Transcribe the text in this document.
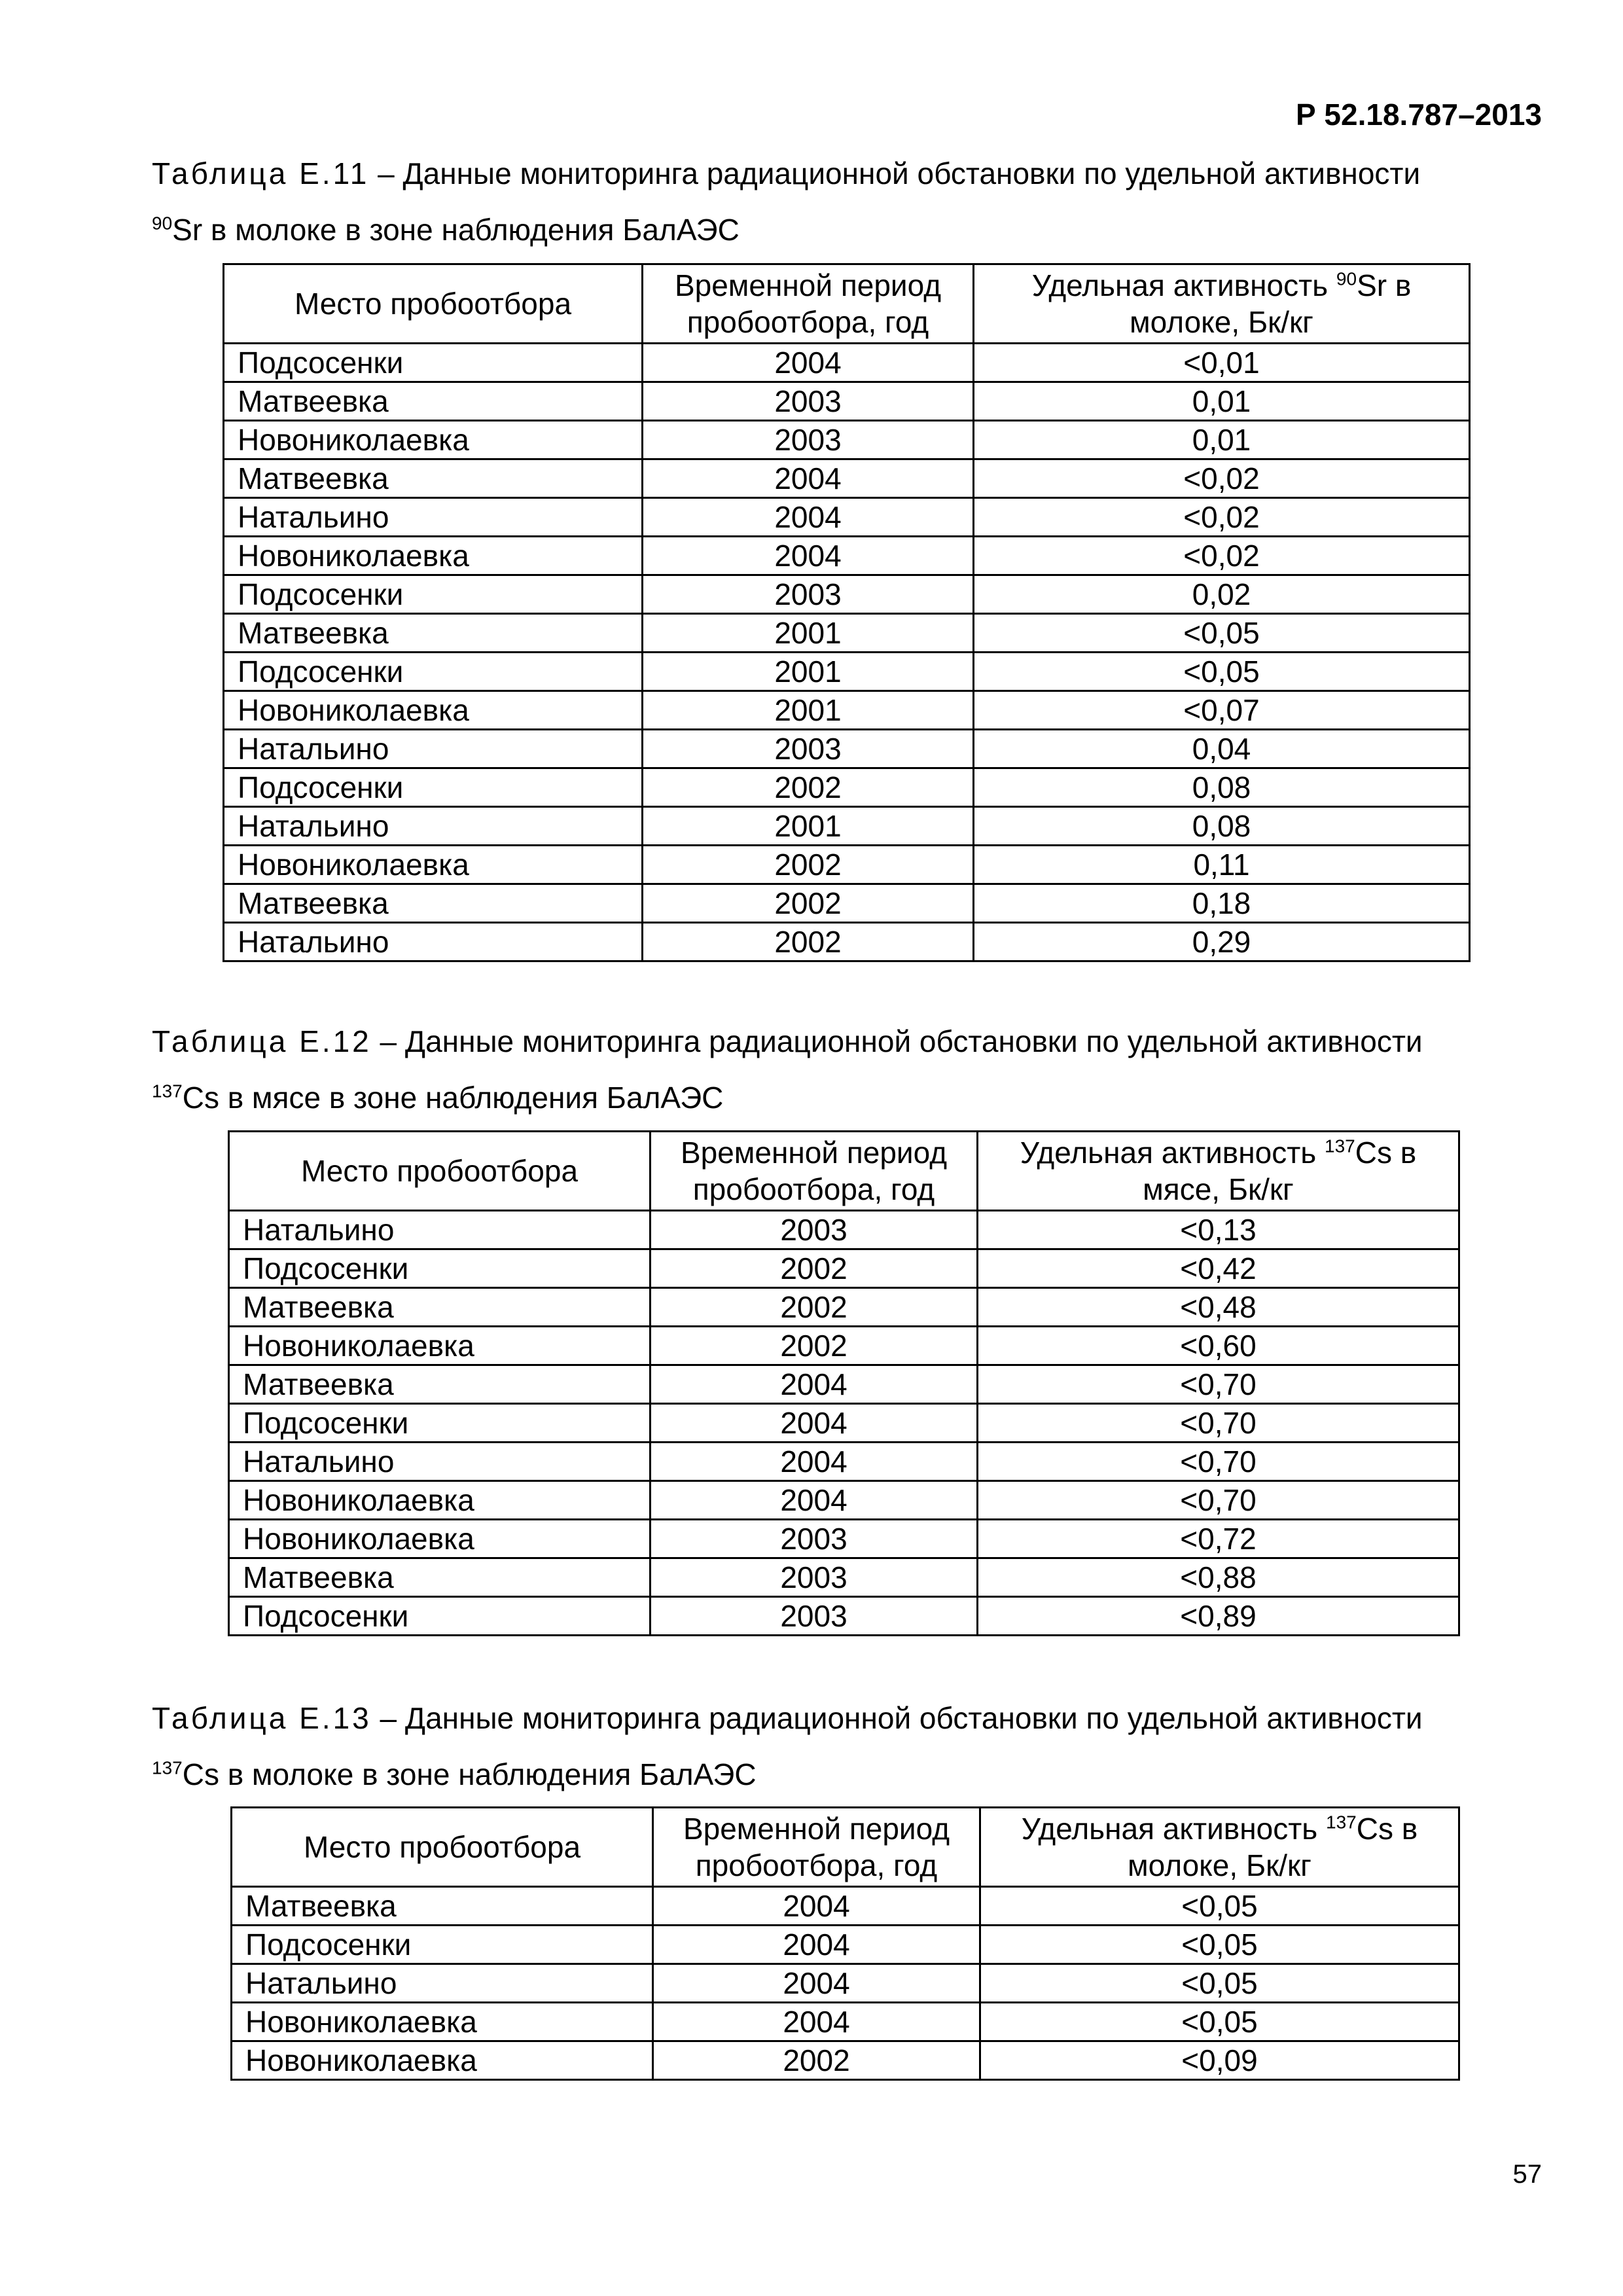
Р 52.18.787–2013
Таблица Е.11 – Данные мониторинга радиационной обстановки по удельной активности
$^{90}$Sr в молоке в зоне наблюдения БалАЭС
Место пробоотбора	Временной период пробоотбора, год	Удельная активность $^{90}$Sr в молоке, Бк/кг
Подсосенки	2004	<0,01
Матвеевка	2003	0,01
Новониколаевка	2003	0,01
Матвеевка	2004	<0,02
Натальино	2004	<0,02
Новониколаевка	2004	<0,02
Подсосенки	2003	0,02
Матвеевка	2001	<0,05
Подсосенки	2001	<0,05
Новониколаевка	2001	<0,07
Натальино	2003	0,04
Подсосенки	2002	0,08
Натальино	2001	0,08
Новониколаевка	2002	0,11
Матвеевка	2002	0,18
Натальино	2002	0,29
Таблица Е.12 – Данные мониторинга радиационной обстановки по удельной активности
$^{137}$Cs в мясе в зоне наблюдения БалАЭС
Место пробоотбора	Временной период пробоотбора, год	Удельная активность $^{137}$Cs в мясе, Бк/кг
Натальино	2003	<0,13
Подсосенки	2002	<0,42
Матвеевка	2002	<0,48
Новониколаевка	2002	<0,60
Матвеевка	2004	<0,70
Подсосенки	2004	<0,70
Натальино	2004	<0,70
Новониколаевка	2004	<0,70
Новониколаевка	2003	<0,72
Матвеевка	2003	<0,88
Подсосенки	2003	<0,89
Таблица Е.13 – Данные мониторинга радиационной обстановки по удельной активности
$^{137}$Cs в молоке в зоне наблюдения БалАЭС
Место пробоотбора	Временной период пробоотбора, год	Удельная активность $^{137}$Cs в молоке, Бк/кг
Матвеевка	2004	<0,05
Подсосенки	2004	<0,05
Натальино	2004	<0,05
Новониколаевка	2004	<0,05
Новониколаевка	2002	<0,09
57
